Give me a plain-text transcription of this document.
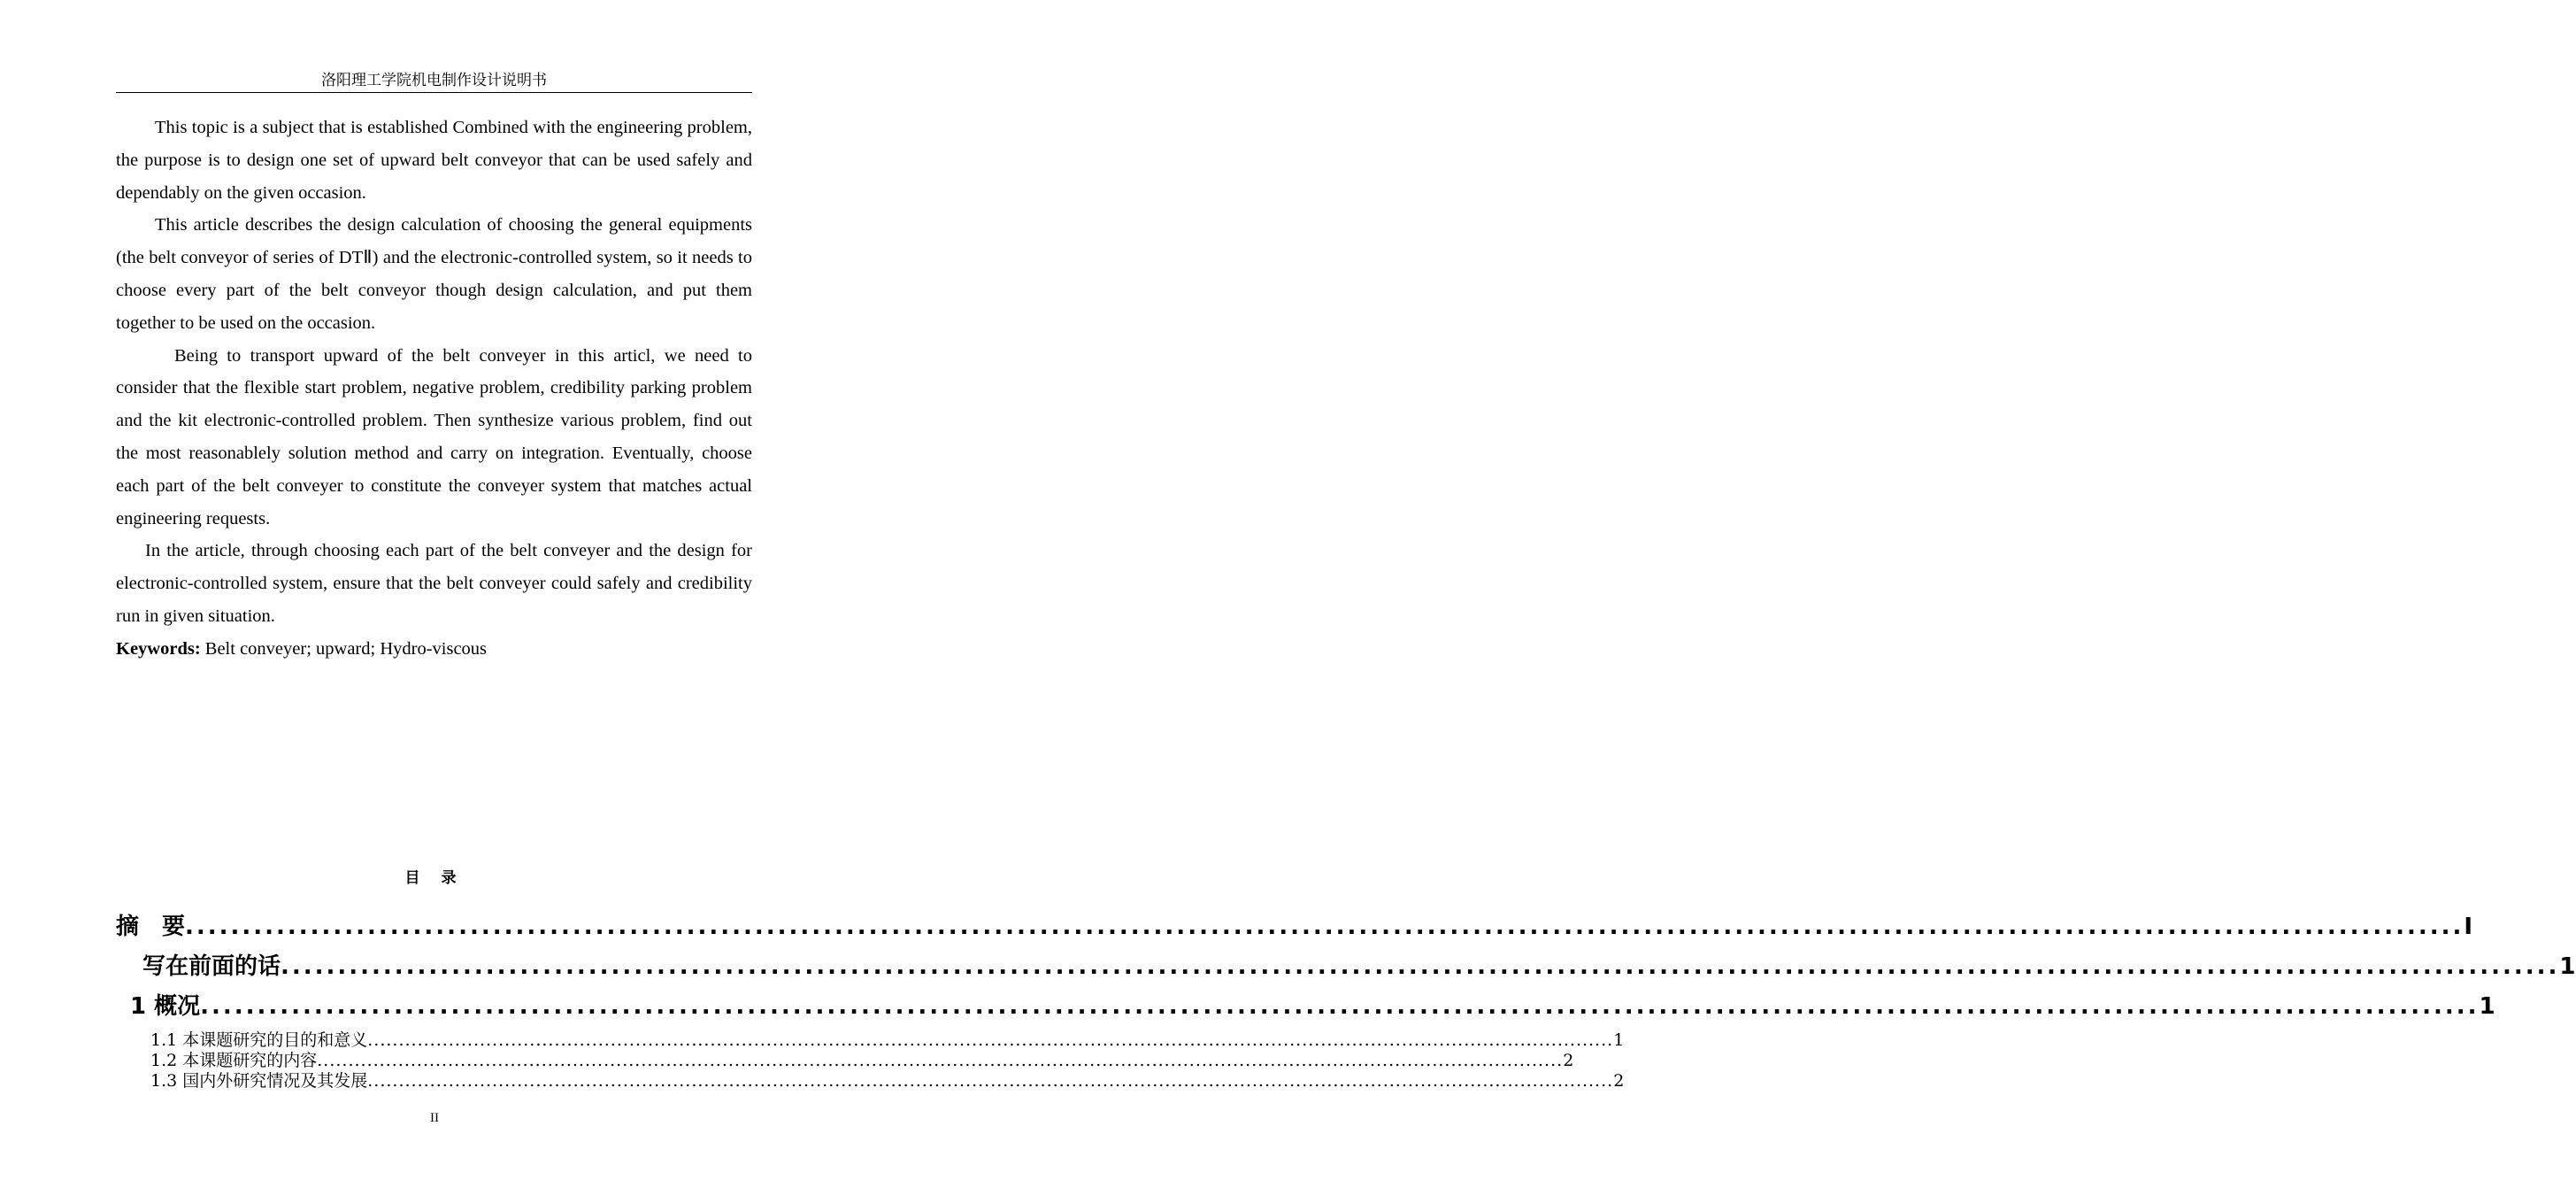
洛阳理工学院机电制作设计说明书

This topic is a subject that is established Combined with the engineering problem, the purpose is to design one set of upward belt conveyor that can be used safely and dependably on the given occasion.

This article describes the design calculation of choosing the general equipments (the belt conveyor of series of DTⅡ) and the electronic-controlled system, so it needs to choose every part of the belt conveyor though design calculation, and put them together to be used on the occasion.

Being to transport upward of the belt conveyer in this articl, we need to consider that the flexible start problem, negative problem, credibility parking problem and the kit electronic-controlled problem. Then synthesize various problem, find out the most reasonablely solution method and carry on integration. Eventually, choose each part of the belt conveyer to constitute the conveyer system that matches actual engineering requests.

In the article, through choosing each part of the belt conveyer and the design for electronic-controlled system, ensure that the belt conveyer could safely and credibility run in given situation.

Keywords: Belt conveyer; upward; Hydro-viscous

目 录
摘　要 ........................................................................................................................................................................................................ I
写在前面的话 ........................................................................................................................................................................................................ 1
1 概况 ........................................................................................................................................................................................................ 1
1.1 本课题研究的目的和意义 ........................................................................................................................................................................................................ 1
1.2 本课题研究的内容 ........................................................................................................................................................................................................ 2
1.3 国内外研究情况及其发展 ........................................................................................................................................................................................................ 2
II
